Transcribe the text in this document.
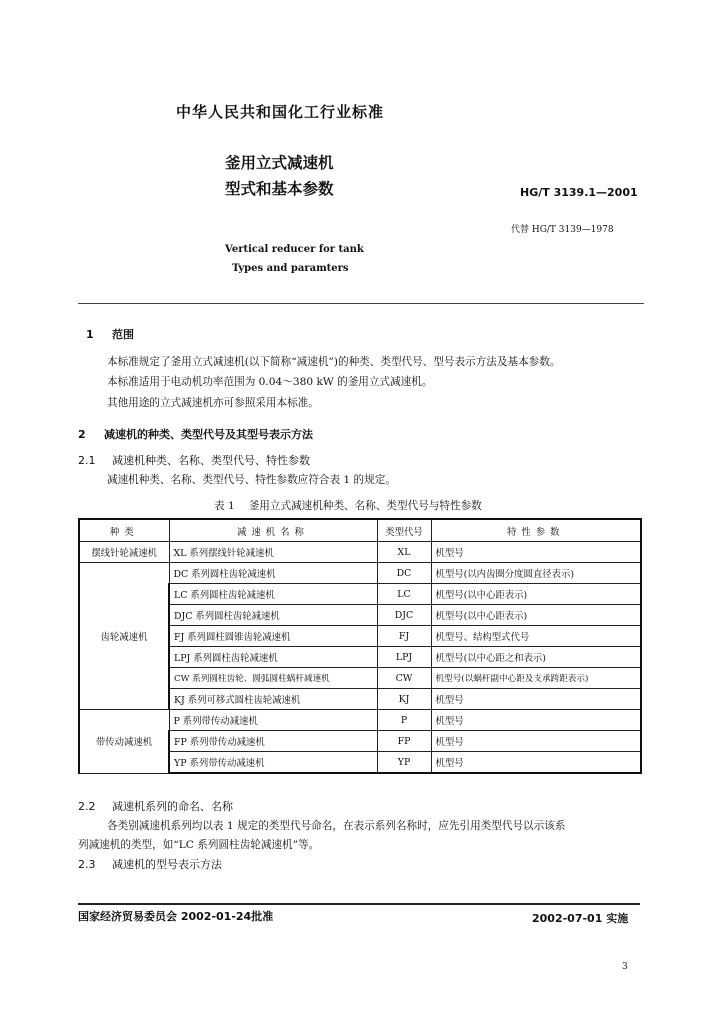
中华人民共和国化工行业标准
釜用立式减速机
型式和基本参数	HG/T 3139.1—2001
代替 HG/T 3139—1978
Vertical reducer for tank
Types and paramters
1 范围
本标准规定了釜用立式减速机(以下简称“减速机”)的种类、类型代号、型号表示方法及基本参数。
本标准适用于电动机功率范围为 0.04～380 kW 的釜用立式减速机。
其他用途的立式减速机亦可参照采用本标准。
2 减速机的种类、类型代号及其型号表示方法
2.1 减速机种类、名称、类型代号、特性参数
减速机种类、名称、类型代号、特性参数应符合表 1 的规定。
表 1 釜用立式减速机种类、名称、类型代号与特性参数
种类	减速机名称	类型代号	特性参数
摆线针轮减速机	XL 系列摆线针轮减速机	XL	机型号
齿轮减速机	DC 系列圆柱齿轮减速机	DC	机型号(以内齿圈分度圆直径表示)
	LC 系列圆柱齿轮减速机	LC	机型号(以中心距表示)
	DJC 系列圆柱齿轮减速机	DJC	机型号(以中心距表示)
	FJ 系列圆柱圆锥齿轮减速机	FJ	机型号、结构型式代号
	LPJ 系列圆柱齿轮减速机	LPJ	机型号(以中心距之和表示)
	CW 系列圆柱齿轮、圆弧圆柱蜗杆减速机	CW	机型号(以蜗杆副中心距及支承跨距表示)
	KJ 系列可移式圆柱齿轮减速机	KJ	机型号
带传动减速机	P 系列带传动减速机	P	机型号
	FP 系列带传动减速机	FP	机型号
	YP 系列带传动减速机	YP	机型号
2.2 减速机系列的命名、名称
各类别减速机系列均以表 1 规定的类型代号命名，在表示系列名称时，应先引用类型代号以示该系
列减速机的类型，如“LC 系列圆柱齿轮减速机”等。
2.3 减速机的型号表示方法
国家经济贸易委员会 2002-01-24批准	2002-07-01 实施
3
